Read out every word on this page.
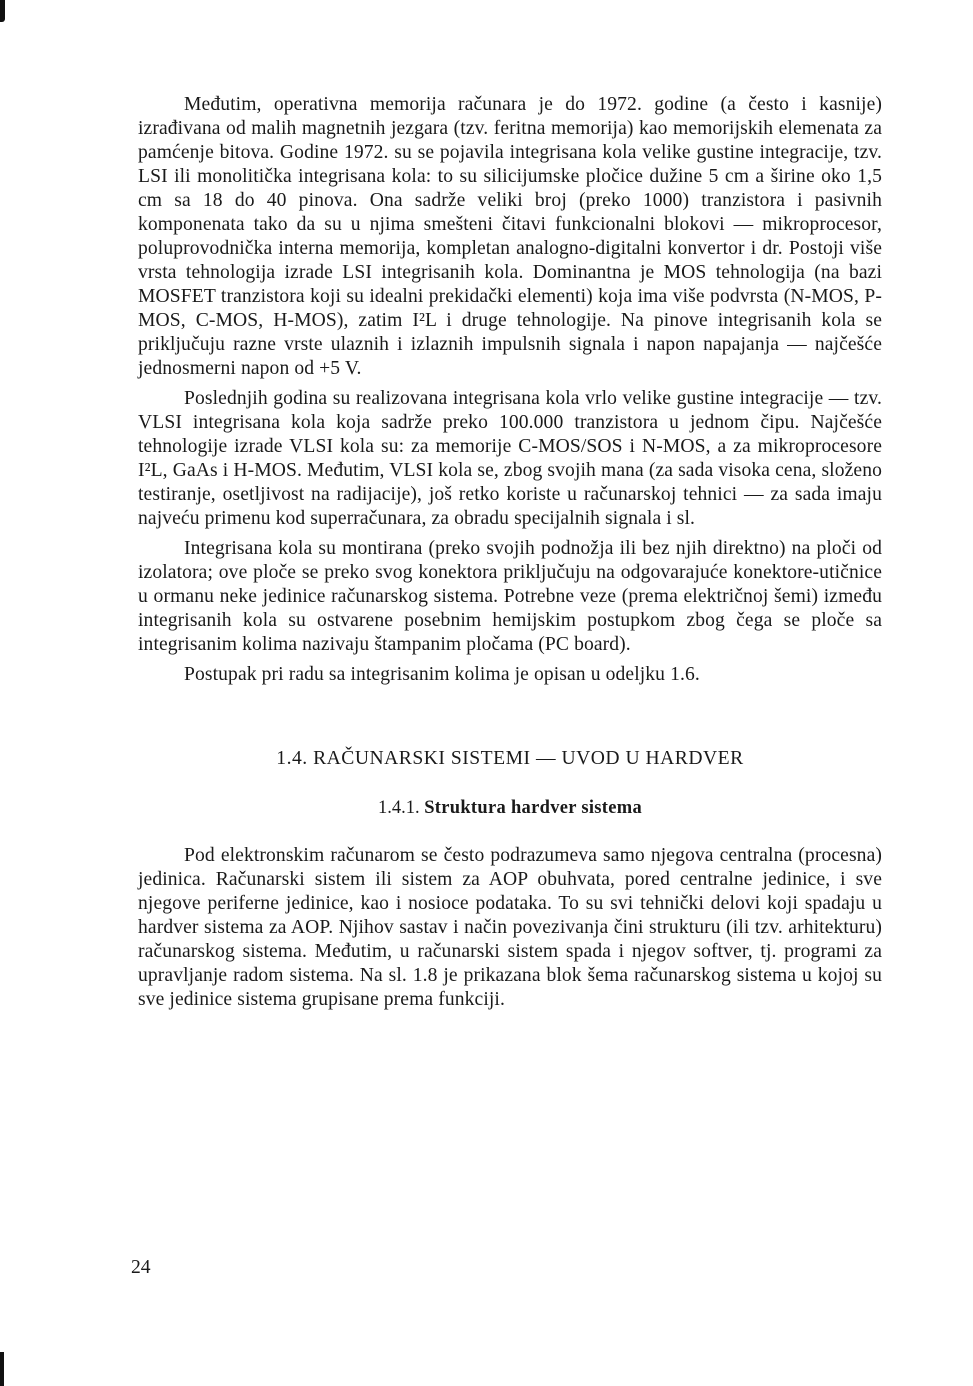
Međutim, operativna memorija računara je do 1972. godine (a često i kasnije) izrađivana od malih magnetnih jezgara (tzv. feritna memorija) kao memorijskih elemenata za pamćenje bitova. Godine 1972. su se pojavila integrisana kola velike gustine integracije, tzv. LSI ili monolitička integrisana kola: to su silicijumske pločice dužine 5 cm a širine oko 1,5 cm sa 18 do 40 pinova. Ona sadrže veliki broj (preko 1000) tranzistora i pasivnih komponenata tako da su u njima smešteni čitavi funkcionalni blokovi — mikroprocesor, poluprovodnička interna memorija, kompletan analogno-digitalni konvertor i dr. Postoji više vrsta tehnologija izrade LSI integrisanih kola. Dominantna je MOS tehnologija (na bazi MOSFET tranzistora koji su idealni prekidački elementi) koja ima više podvrsta (N-MOS, P-MOS, C-MOS, H-MOS), zatim I²L i druge tehnologije. Na pinove integrisanih kola se priključuju razne vrste ulaznih i izlaznih impulsnih signala i napon napajanja — najčešće jednosmerni napon od +5 V.

Poslednjih godina su realizovana integrisana kola vrlo velike gustine integracije — tzv. VLSI integrisana kola koja sadrže preko 100.000 tranzistora u jednom čipu. Najčešće tehnologije izrade VLSI kola su: za memorije C-MOS/SOS i N-MOS, a za mikroprocesore I²L, GaAs i H-MOS. Međutim, VLSI kola se, zbog svojih mana (za sada visoka cena, složeno testiranje, osetljivost na radijacije), još retko koriste u računarskoj tehnici — za sada imaju najveću primenu kod superračunara, za obradu specijalnih signala i sl.

Integrisana kola su montirana (preko svojih podnožja ili bez njih direktno) na ploči od izolatora; ove ploče se preko svog konektora priključuju na odgovarajuće konektore-utičnice u ormanu neke jedinice računarskog sistema. Potrebne veze (prema električnoj šemi) između integrisanih kola su ostvarene posebnim hemijskim postupkom zbog čega se ploče sa integrisanim kolima nazivaju štampanim pločama (PC board).

Postupak pri radu sa integrisanim kolima je opisan u odeljku 1.6.

1.4. RAČUNARSKI SISTEMI — UVOD U HARDVER
1.4.1. Struktura hardver sistema

Pod elektronskim računarom se često podrazumeva samo njegova centralna (procesna) jedinica. Računarski sistem ili sistem za AOP obuhvata, pored centralne jedinice, i sve njegove periferne jedinice, kao i nosioce podataka. To su svi tehnički delovi koji spadaju u hardver sistema za AOP. Njihov sastav i način povezivanja čini strukturu (ili tzv. arhitekturu) računarskog sistema. Međutim, u računarski sistem spada i njegov softver, tj. programi za upravljanje radom sistema. Na sl. 1.8 je prikazana blok šema računarskog sistema u kojoj su sve jedinice sistema grupisane prema funkciji.

24
